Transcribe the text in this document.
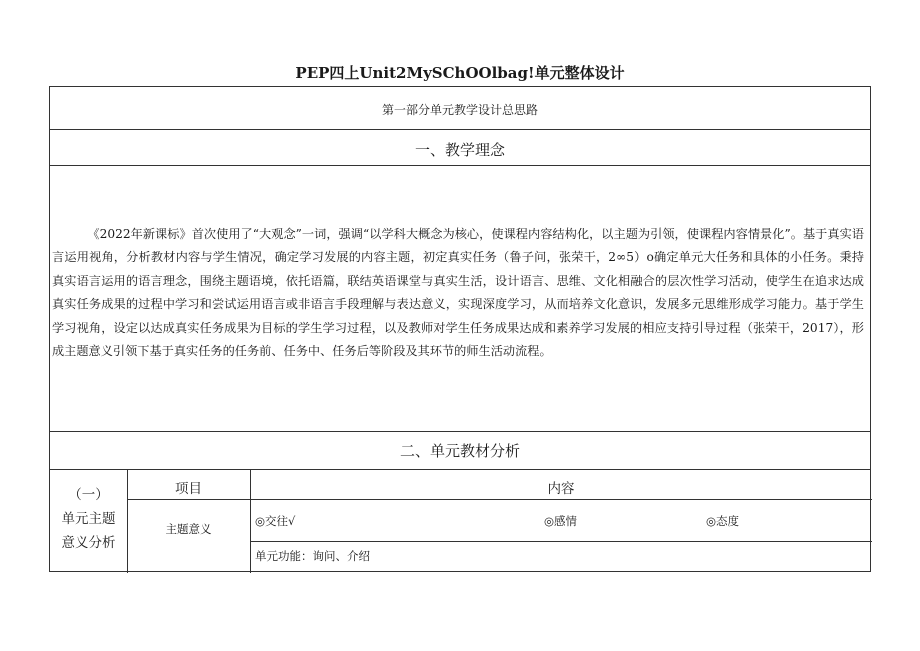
PEP四上Unit2MySChOOlbag!单元整体设计
第一部分单元教学设计总思路
一、教学理念

《2022年新课标》首次使用了“大观念”一词，强调“以学科大概念为核心，使课程内容结构化，以主题为引领，使课程内容情景化”。基于真实语言运用视角，分析教材内容与学生情况，确定学习发展的内容主题，初定真实任务（鲁子问，张荣干，2∞5）o确定单元大任务和具体的小任务。秉持真实语言运用的语言理念，围绕主题语境，依托语篇，联结英语课堂与真实生活，设计语言、思维、文化相融合的层次性学习活动，使学生在追求达成真实任务成果的过程中学习和尝试运用语言或非语言手段理解与表达意义，实现深度学习，从而培养文化意识，发展多元思维形成学习能力。基于学生学习视角，设定以达成真实任务成果为目标的学生学习过程，以及教师对学生任务成果达成和素养学习发展的相应支持引导过程（张荣干，2017），形成主题意义引领下基于真实任务的任务前、任务中、任务后等阶段及其环节的师生活动流程。

二、单元教材分析
（一）
单元主题
意义分析
项目	内容
主题意义
◎交往√	◎感情	◎态度
单元功能：询问、介绍
